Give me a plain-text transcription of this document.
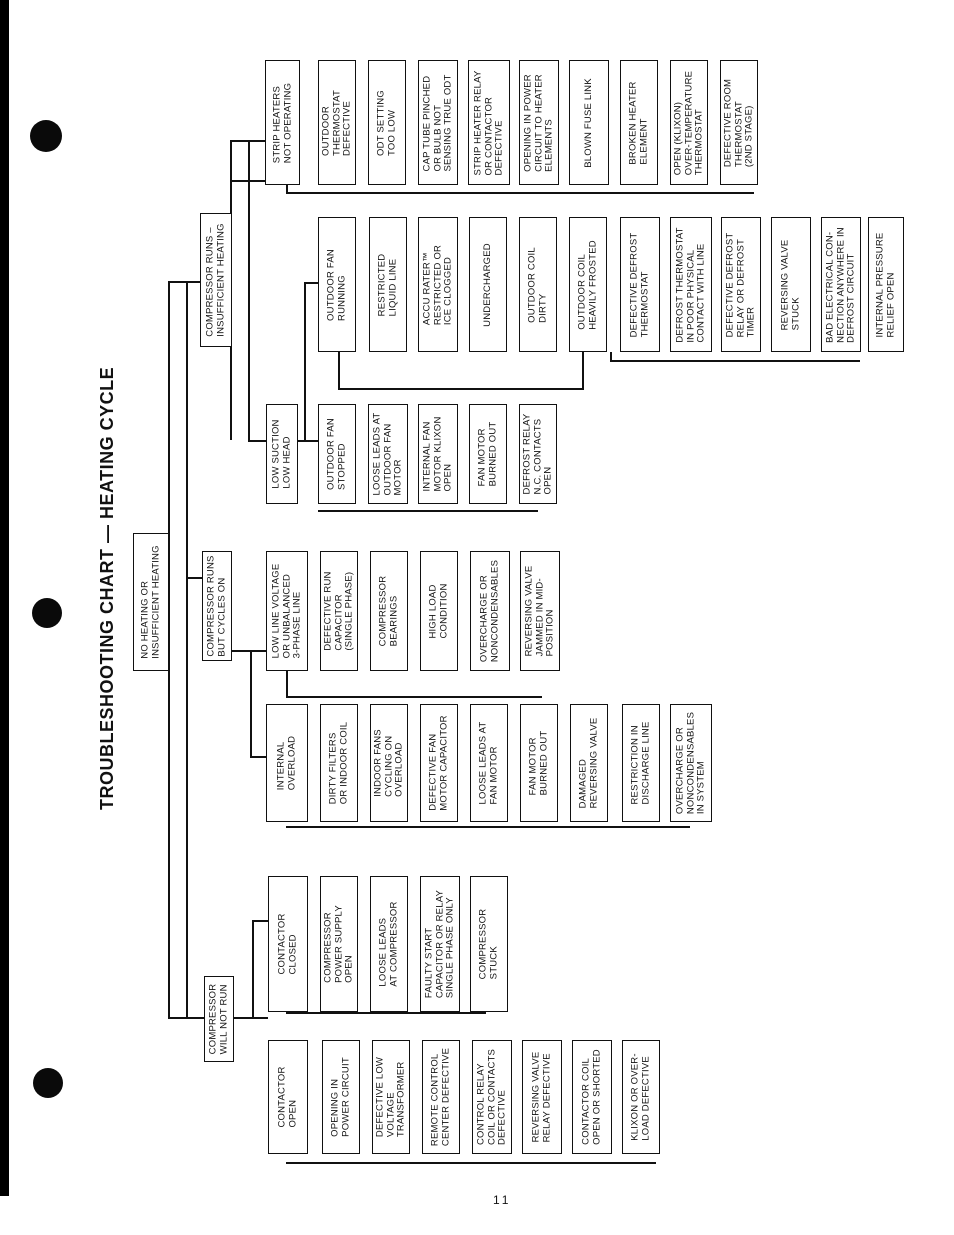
TROUBLESHOOTING CHART — HEATING CYCLE NO HEATING OR
INSUFFICIENT HEATING
COMPRESSOR RUNS –
INSUFFICIENT HEATING
COMPRESSOR RUNS
BUT CYCLES ON
COMPRESSOR
WILL NOT RUN
STRIP HEATERS
NOT OPERATING
LOW SUCTION
LOW HEAD
OUTDOOR FAN
RUNNING
LOW LINE VOLTAGE
OR UNBALANCED
3-PHASE LINE
INTERNAL
OVERLOAD
CONTACTOR
CLOSED
CONTACTOR
OPEN
OUTDOOR
THERMOSTAT
DEFECTIVE ODT SETTING
TOO LOW
CAP TUBE PINCHED
OR BULB NOT
SENSING TRUE ODT
STRIP HEATER RELAY
OR CONTACTOR
DEFECTIVE OPENING IN POWER
CIRCUIT TO HEATER
ELEMENTS	BLOWN FUSE LINK	BROKEN HEATER
ELEMENT OPEN (KLIXON)
OVER-TEMPERATURE
THERMOSTAT DEFECTIVE ROOM
THERMOSTAT
(2ND STAGE)
RESTRICTED
LIQUID LINE
ACCU RATER™
RESTRICTED OR
ICE CLOGGED	UNDERCHARGED	OUTDOOR COIL
DIRTY	OUTDOOR COIL
HEAVILY FROSTED
DEFECTIVE DEFROST
THERMOSTAT	DEFROST THERMOSTAT
IN POOR PHYSICAL
CONTACT WITH LINE
DEFECTIVE DEFROST
RELAY OR DEFROST
TIMER REVERSING VALVE
STUCK
BAD ELECTRICAL CON-
NECTION ANYWHERE IN
DEFROST CIRCUIT
INTERNAL PRESSURE
RELIEF OPEN
OUTDOOR FAN
STOPPED	LOOSE LEADS AT
OUTDOOR FAN
MOTOR INTERNAL FAN
MOTOR KLIXON
OPEN FAN MOTOR
BURNED OUT
DEFROST RELAY
N.C. CONTACTS
OPEN
DEFECTIVE RUN
CAPACITOR
(SINGLE PHASE) COMPRESSOR
BEARINGS	HIGH LOAD
CONDITION	OVERCHARGE OR
NONCONDENSABLES REVERSING VALVE
JAMMED IN MID-
POSITION
DIRTY FILTERS
OR INDOOR COIL
INDOOR FANS
CYCLING ON
OVERLOAD DEFECTIVE FAN
MOTOR CAPACITOR
LOOSE LEADS AT
FAN MOTOR
FAN MOTOR
BURNED OUT
DAMAGED
REVERSING VALVE
RESTRICTION IN
DISCHARGE LINE
OVERCHARGE OR
NONCONDENSABLES
IN SYSTEM
COMPRESSOR
POWER SUPPLY
OPEN LOOSE LEADS
AT COMPRESSOR
FAULTY START
CAPACITOR OR RELAY
SINGLE PHASE ONLY COMPRESSOR
STUCK
OPENING IN
POWER CIRCUIT
DEFECTIVE LOW
VOLTAGE
TRANSFORMER REMOTE CONTROL
CENTER DEFECTIVE
CONTROL RELAY
COIL OR CONTACTS
DEFECTIVE REVERSING VALVE
RELAY DEFECTIVE
CONTACTOR COIL
OPEN OR SHORTED
KLIXON OR OVER-
LOAD DEFECTIVE
11
